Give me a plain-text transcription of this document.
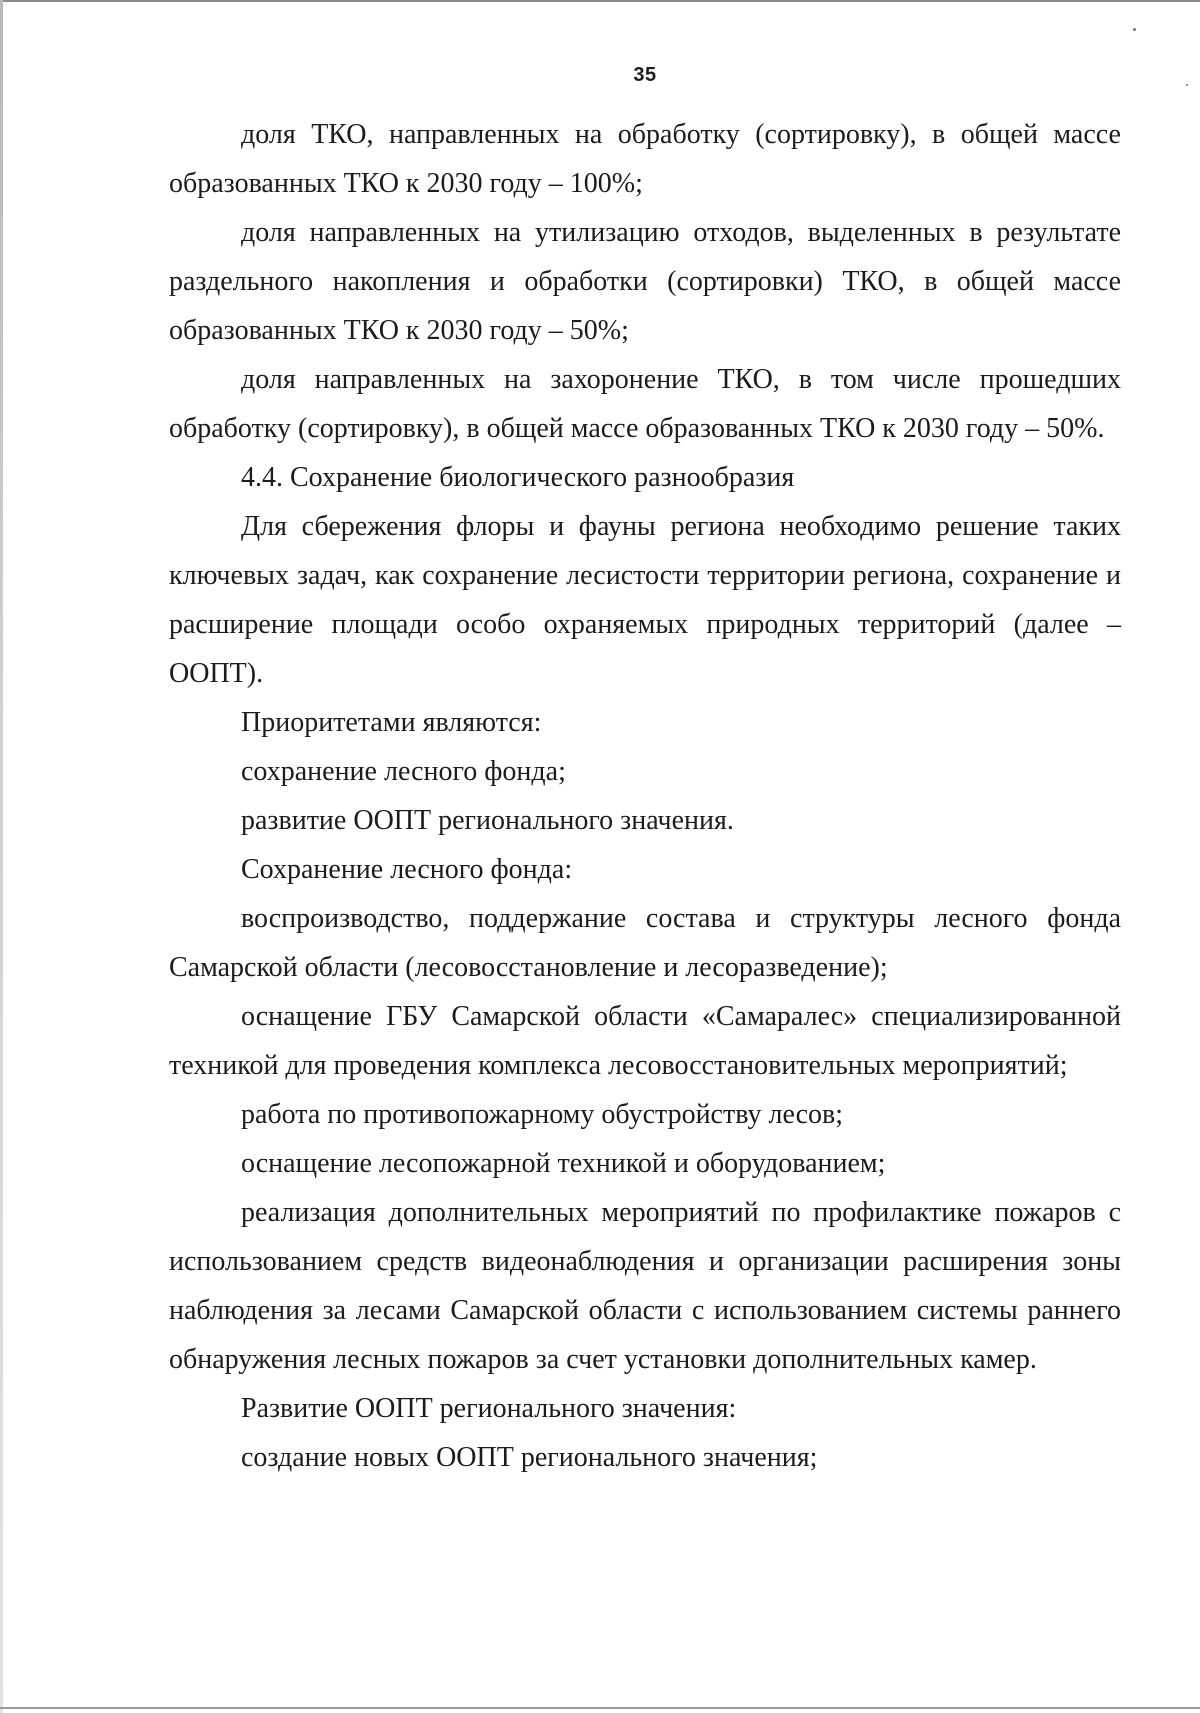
35

доля ТКО, направленных на обработку (сортировку), в общей массе образованных ТКО к 2030 году – 100%;

доля направленных на утилизацию отходов, выделенных в результате раздельного накопления и обработки (сортировки) ТКО, в общей массе образованных ТКО к 2030 году – 50%;

доля направленных на захоронение ТКО, в том числе прошедших обработку (сортировку), в общей массе образованных ТКО к 2030 году – 50%.

4.4. Сохранение биологического разнообразия

Для сбережения флоры и фауны региона необходимо решение таких ключевых задач, как сохранение лесистости территории региона, сохранение и расширение площади особо охраняемых природных территорий (далее – ООПТ).

Приоритетами являются:

сохранение лесного фонда;

развитие ООПТ регионального значения.

Сохранение лесного фонда:

воспроизводство, поддержание состава и структуры лесного фонда Самарской области (лесовосстановление и лесоразведение);

оснащение ГБУ Самарской области «Самаралес» специализированной техникой для проведения комплекса лесовосстановительных мероприятий;

работа по противопожарному обустройству лесов;

оснащение лесопожарной техникой и оборудованием;

реализация дополнительных мероприятий по профилактике пожаров с использованием средств видеонаблюдения и организации расширения зоны наблюдения за лесами Самарской области с использованием системы раннего обнаружения лесных пожаров за счет установки дополнительных камер.

Развитие ООПТ регионального значения:

создание новых ООПТ регионального значения;
